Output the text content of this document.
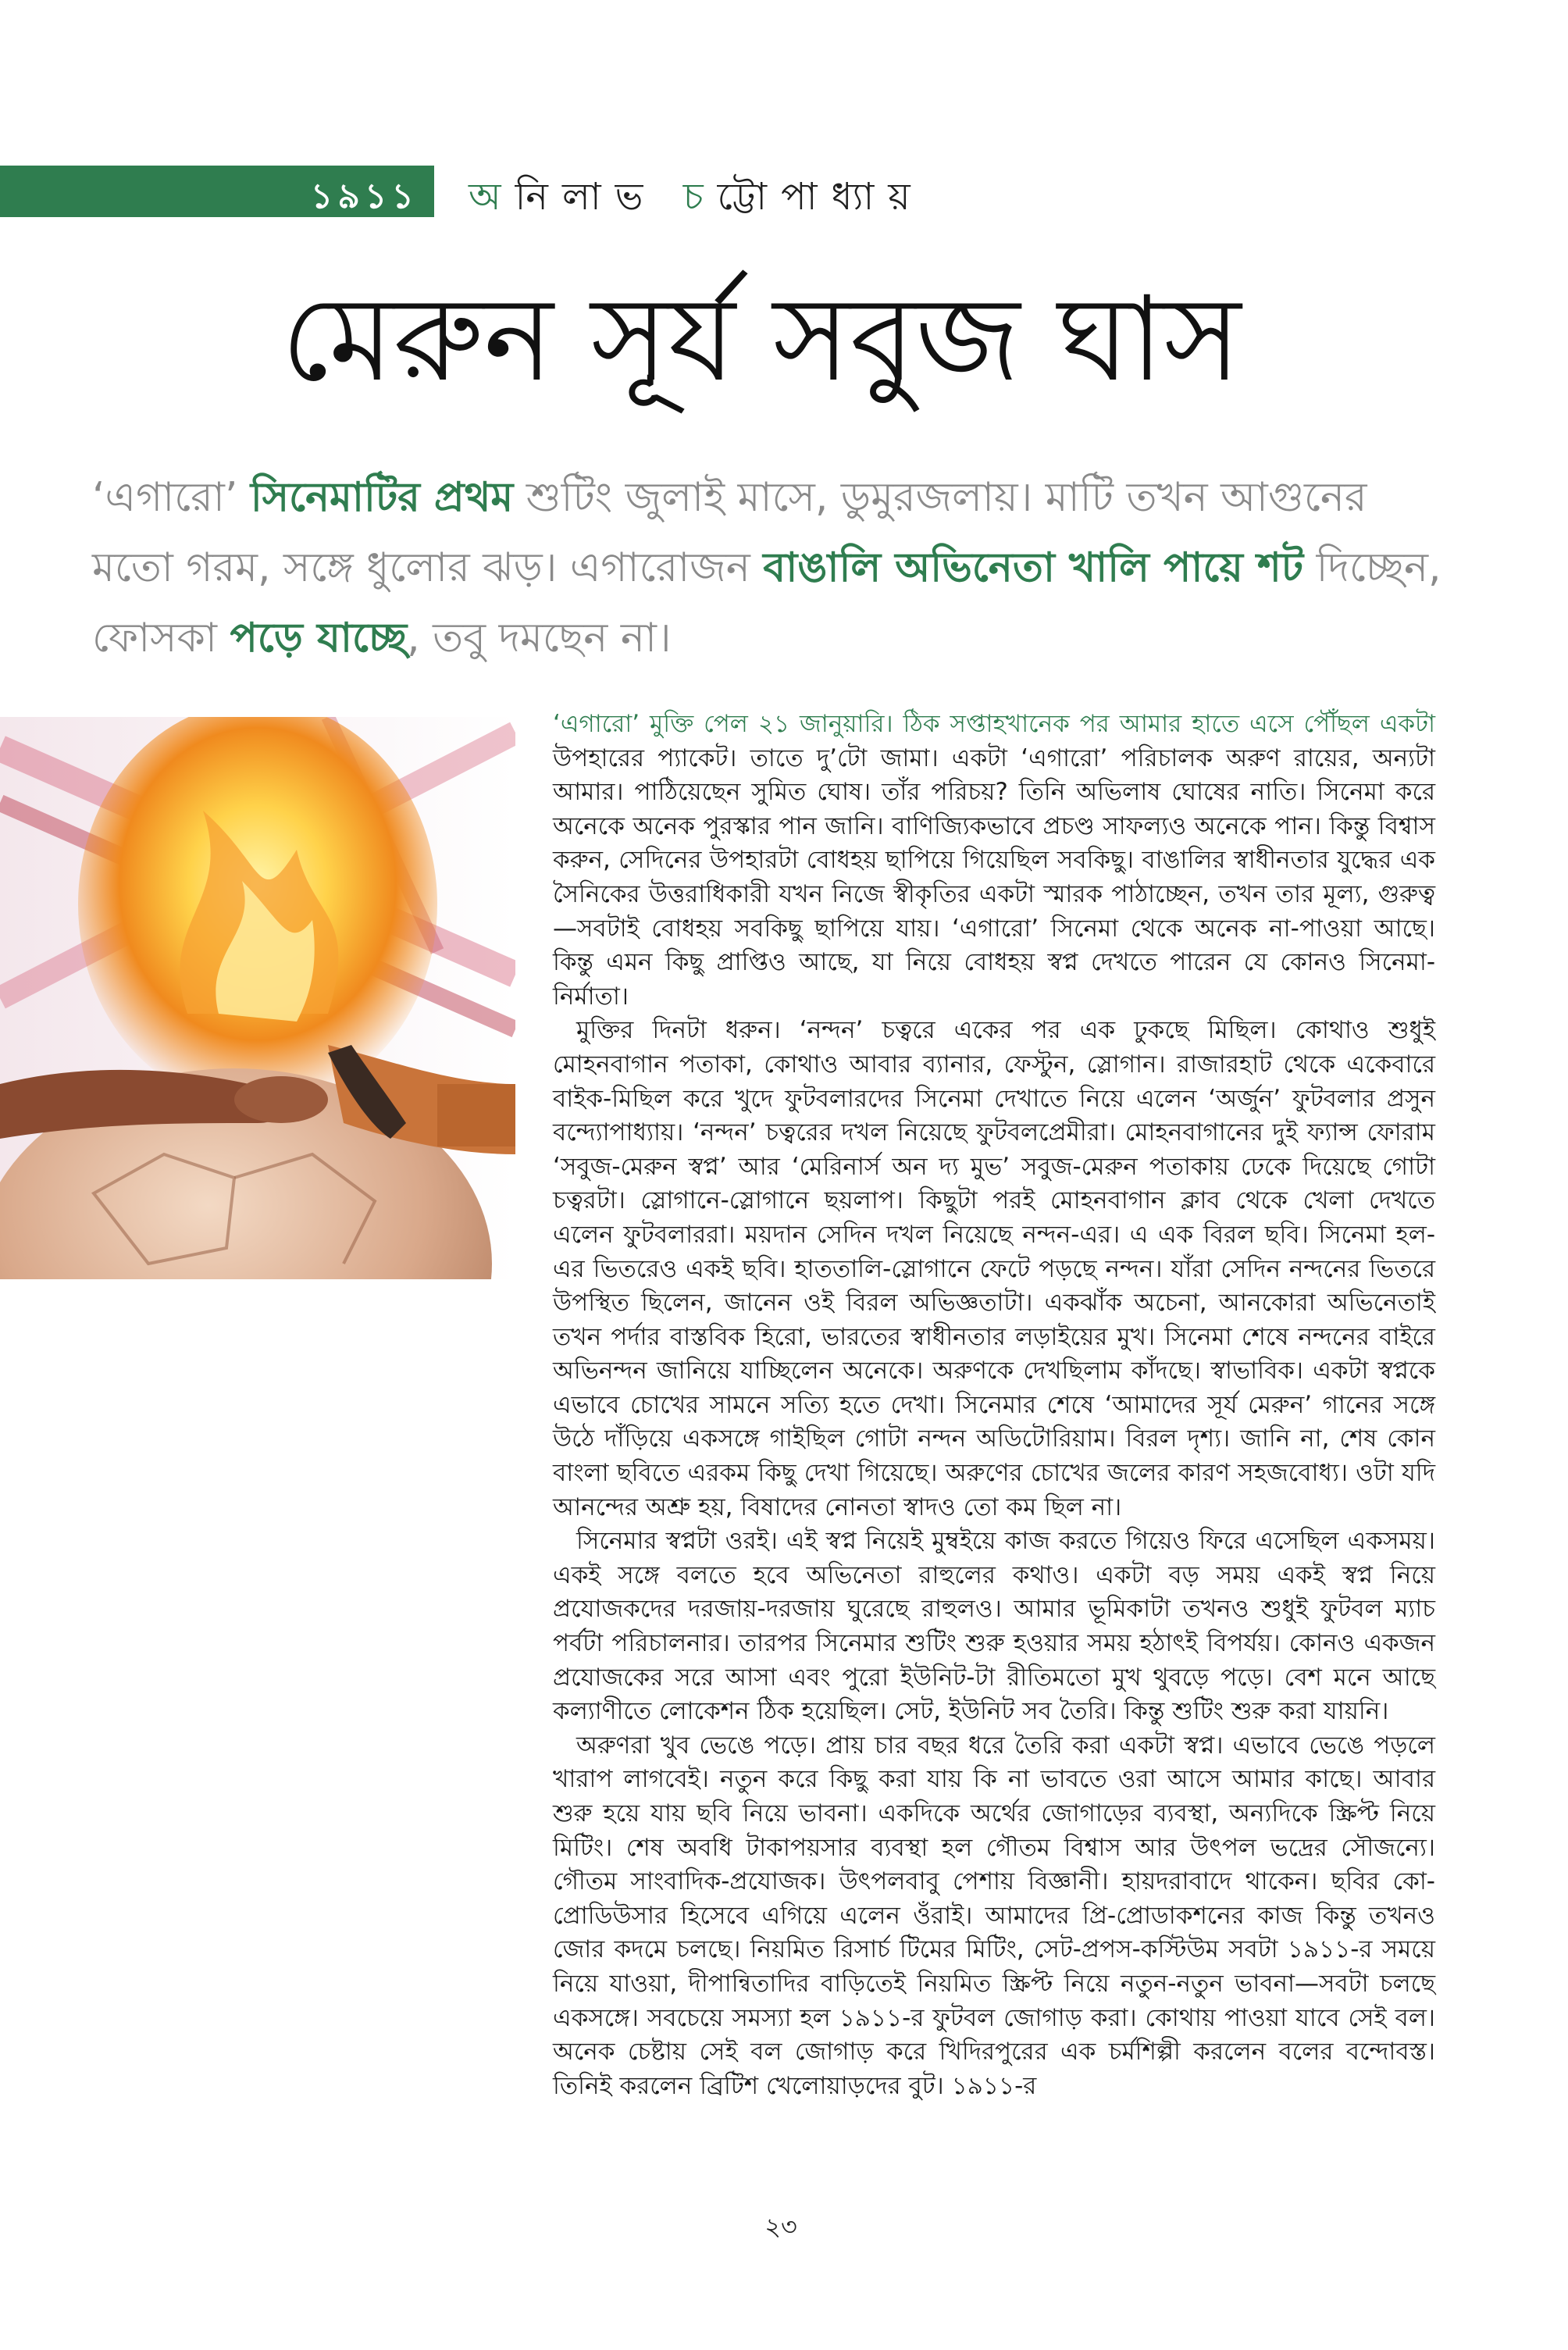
১৯১১ অনিলাভ চট্টোপাধ্যায়
মেরুন সূর্য সবুজ ঘাস
‘এগারো’ সিনেমাটির প্রথম শুটিং জুলাই মাসে, ডুমুরজলায়। মাটি তখন আগুনের মতো গরম, সঙ্গে ধুলোর ঝড়। এগারোজন বাঙালি অভিনেতা খালি পায়ে শট দিচ্ছেন, ফোসকা পড়ে যাচ্ছে, তবু দমছেন না।

‘এগারো’ মুক্তি পেল ২১ জানুয়ারি। ঠিক সপ্তাহখানেক পর আমার হাতে এসে পৌঁছল একটা উপহারের প্যাকেট। তাতে দু’টো জামা। একটা ‘এগারো’ পরিচালক অরুণ রায়ের, অন্যটা আমার। পাঠিয়েছেন সুমিত ঘোষ। তাঁর পরিচয়? তিনি অভিলাষ ঘোষের নাতি। সিনেমা করে অনেকে অনেক পুরস্কার পান জানি। বাণিজ্যিকভাবে প্রচণ্ড সাফল্যও অনেকে পান। কিন্তু বিশ্বাস করুন, সেদিনের উপহারটা বোধহয় ছাপিয়ে গিয়েছিল সবকিছু। বাঙালির স্বাধীনতার যুদ্ধের এক সৈনিকের উত্তরাধিকারী যখন নিজে স্বীকৃতির একটা স্মারক পাঠাচ্ছেন, তখন তার মূল্য, গুরুত্ব—সবটাই বোধহয় সবকিছু ছাপিয়ে যায়। ‘এগারো’ সিনেমা থেকে অনেক না-পাওয়া আছে। কিন্তু এমন কিছু প্রাপ্তিও আছে, যা নিয়ে বোধহয় স্বপ্ন দেখতে পারেন যে কোনও সিনেমা-নির্মাতা।

মুক্তির দিনটা ধরুন। ‘নন্দন’ চত্বরে একের পর এক ঢুকছে মিছিল। কোথাও শুধুই মোহনবাগান পতাকা, কোথাও আবার ব্যানার, ফেস্টুন, স্লোগান। রাজারহাট থেকে একেবারে বাইক-মিছিল করে খুদে ফুটবলারদের সিনেমা দেখাতে নিয়ে এলেন ‘অর্জুন’ ফুটবলার প্রসুন বন্দ্যোপাধ্যায়। ‘নন্দন’ চত্বরের দখল নিয়েছে ফুটবলপ্রেমীরা। মোহনবাগানের দুই ফ্যান্স ফোরাম ‘সবুজ-মেরুন স্বপ্ন’ আর ‘মেরিনার্স অন দ্য মুভ’ সবুজ-মেরুন পতাকায় ঢেকে দিয়েছে গোটা চত্বরটা। স্লোগানে-স্লোগানে ছয়লাপ। কিছুটা পরই মোহনবাগান ক্লাব থেকে খেলা দেখতে এলেন ফুটবলাররা। ময়দান সেদিন দখল নিয়েছে নন্দন-এর। এ এক বিরল ছবি। সিনেমা হল-এর ভিতরেও একই ছবি। হাততালি-স্লোগানে ফেটে পড়ছে নন্দন। যাঁরা সেদিন নন্দনের ভিতরে উপস্থিত ছিলেন, জানেন ওই বিরল অভিজ্ঞতাটা। একঝাঁক অচেনা, আনকোরা অভিনেতাই তখন পর্দার বাস্তবিক হিরো, ভারতের স্বাধীনতার লড়াইয়ের মুখ। সিনেমা শেষে নন্দনের বাইরে অভিনন্দন জানিয়ে যাচ্ছিলেন অনেকে। অরুণকে দেখছিলাম কাঁদছে। স্বাভাবিক। একটা স্বপ্নকে এভাবে চোখের সামনে সত্যি হতে দেখা। সিনেমার শেষে ‘আমাদের সূর্য মেরুন’ গানের সঙ্গে উঠে দাঁড়িয়ে একসঙ্গে গাইছিল গোটা নন্দন অডিটোরিয়াম। বিরল দৃশ্য। জানি না, শেষ কোন বাংলা ছবিতে এরকম কিছু দেখা গিয়েছে। অরুণের চোখের জলের কারণ সহজবোধ্য। ওটা যদি আনন্দের অশ্রু হয়, বিষাদের নোনতা স্বাদও তো কম ছিল না।

সিনেমার স্বপ্নটা ওরই। এই স্বপ্ন নিয়েই মুম্বইয়ে কাজ করতে গিয়েও ফিরে এসেছিল একসময়। একই সঙ্গে বলতে হবে অভিনেতা রাহুলের কথাও। একটা বড় সময় একই স্বপ্ন নিয়ে প্রযোজকদের দরজায়-দরজায় ঘুরেছে রাহুলও। আমার ভূমিকাটা তখনও শুধুই ফুটবল ম্যাচ পর্বটা পরিচালনার। তারপর সিনেমার শুটিং শুরু হওয়ার সময় হঠাৎই বিপর্যয়। কোনও একজন প্রযোজকের সরে আসা এবং পুরো ইউনিট-টা রীতিমতো মুখ থুবড়ে পড়ে। বেশ মনে আছে কল্যাণীতে লোকেশন ঠিক হয়েছিল। সেট, ইউনিট সব তৈরি। কিন্তু শুটিং শুরু করা যায়নি।

অরুণরা খুব ভেঙে পড়ে। প্রায় চার বছর ধরে তৈরি করা একটা স্বপ্ন। এভাবে ভেঙে পড়লে খারাপ লাগবেই। নতুন করে কিছু করা যায় কি না ভাবতে ওরা আসে আমার কাছে। আবার শুরু হয়ে যায় ছবি নিয়ে ভাবনা। একদিকে অর্থের জোগাড়ের ব্যবস্থা, অন্যদিকে স্ক্রিপ্ট নিয়ে মিটিং। শেষ অবধি টাকাপয়সার ব্যবস্থা হল গৌতম বিশ্বাস আর উৎপল ভদ্রের সৌজন্যে। গৌতম সাংবাদিক-প্রযোজক। উৎপলবাবু পেশায় বিজ্ঞানী। হায়দরাবাদে থাকেন। ছবির কো-প্রোডিউসার হিসেবে এগিয়ে এলেন ওঁরাই। আমাদের প্রি-প্রোডাকশনের কাজ কিন্তু তখনও জোর কদমে চলছে। নিয়মিত রিসার্চ টিমের মিটিং, সেট-প্রপস-কস্টিউম সবটা ১৯১১-র সময়ে নিয়ে যাওয়া, দীপান্বিতাদির বাড়িতেই নিয়মিত স্ক্রিপ্ট নিয়ে নতুন-নতুন ভাবনা—সবটা চলছে একসঙ্গে। সবচেয়ে সমস্যা হল ১৯১১-র ফুটবল জোগাড় করা। কোথায় পাওয়া যাবে সেই বল। অনেক চেষ্টায় সেই বল জোগাড় করে খিদিরপুরের এক চর্মশিল্পী করলেন বলের বন্দোবস্ত। তিনিই করলেন ব্রিটিশ খেলোয়াড়দের বুট। ১৯১১-র

২৩
